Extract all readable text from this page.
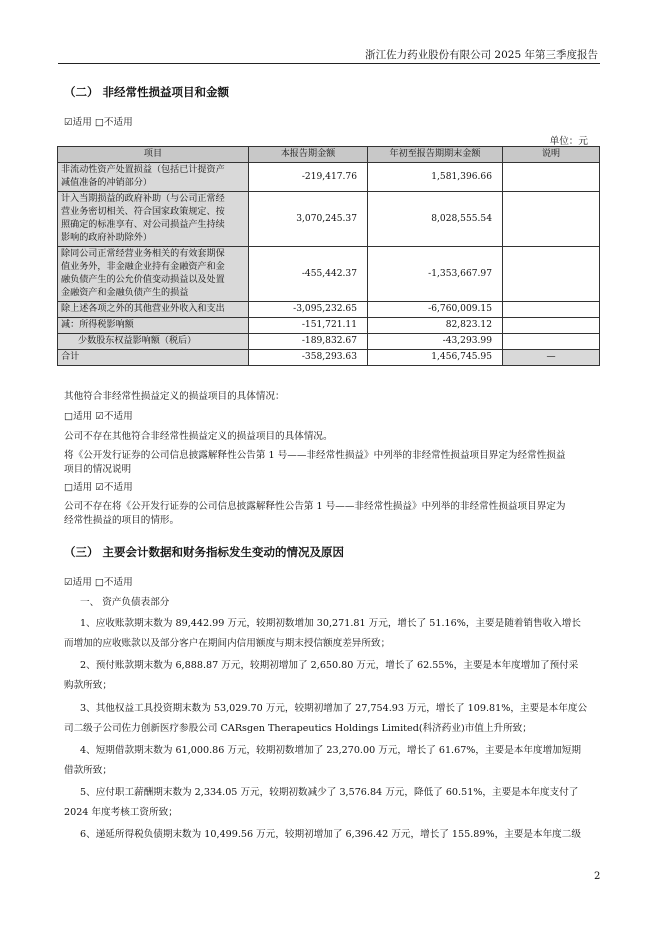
浙江佐力药业股份有限公司 2025 年第三季度报告
（二） 非经常性损益项目和金额
☑适用 □不适用
单位：元
项目	本报告期金额	年初至报告期期末金额	说明

非流动性资产处置损益（包括已计提资产
减值准备的冲销部分）	-219,417.76	1,581,396.66	

计入当期损益的政府补助（与公司正常经
营业务密切相关、符合国家政策规定、按
照确定的标准享有、对公司损益产生持续
影响的政府补助除外）	3,070,245.37	8,028,555.54	

除同公司正常经营业务相关的有效套期保
值业务外，非金融企业持有金融资产和金
融负债产生的公允价值变动损益以及处置
金融资产和金融负债产生的损益	-455,442.37	-1,353,667.97	

除上述各项之外的其他营业外收入和支出	-3,095,232.65	-6,760,009.15	

减：所得税影响额	-151,721.11	82,823.12	

少数股东权益影响额（税后）	-189,832.67	-43,293.99	

合计	-358,293.63	1,456,745.95	—
其他符合非经常性损益定义的损益项目的具体情况：
□适用 ☑不适用
公司不存在其他符合非经常性损益定义的损益项目的具体情况。
将《公开发行证券的公司信息披露解释性公告第 1 号——非经常性损益》中列举的非经常性损益项目界定为经常性损益
项目的情况说明
□适用 ☑不适用
公司不存在将《公开发行证券的公司信息披露解释性公告第 1 号——非经常性损益》中列举的非经常性损益项目界定为
经常性损益的项目的情形。
（三） 主要会计数据和财务指标发生变动的情况及原因
☑适用 □不适用
一、 资产负债表部分
1、应收账款期末数为 89,442.99 万元，较期初数增加 30,271.81 万元，增长了 51.16%，主要是随着销售收入增长
而增加的应收账款以及部分客户在期间内信用额度与期末授信额度差异所致；
2、预付账款期末数为 6,888.87 万元，较期初增加了 2,650.80 万元，增长了 62.55%，主要是本年度增加了预付采
购款所致；
3、其他权益工具投资期末数为 53,029.70 万元，较期初增加了 27,754.93 万元，增长了 109.81%，主要是本年度公
司二级子公司佐力创新医疗参股公司 CARsgen Therapeutics Holdings Limited(科济药业)市值上升所致；
4、短期借款期末数为 61,000.86 万元，较期初数增加了 23,270.00 万元，增长了 61.67%，主要是本年度增加短期
借款所致；
5、应付职工薪酬期末数为 2,334.05 万元，较期初数减少了 3,576.84 万元，降低了 60.51%，主要是本年度支付了
2024 年度考核工资所致；
6、递延所得税负债期末数为 10,499.56 万元，较期初增加了 6,396.42 万元，增长了 155.89%，主要是本年度二级
2
